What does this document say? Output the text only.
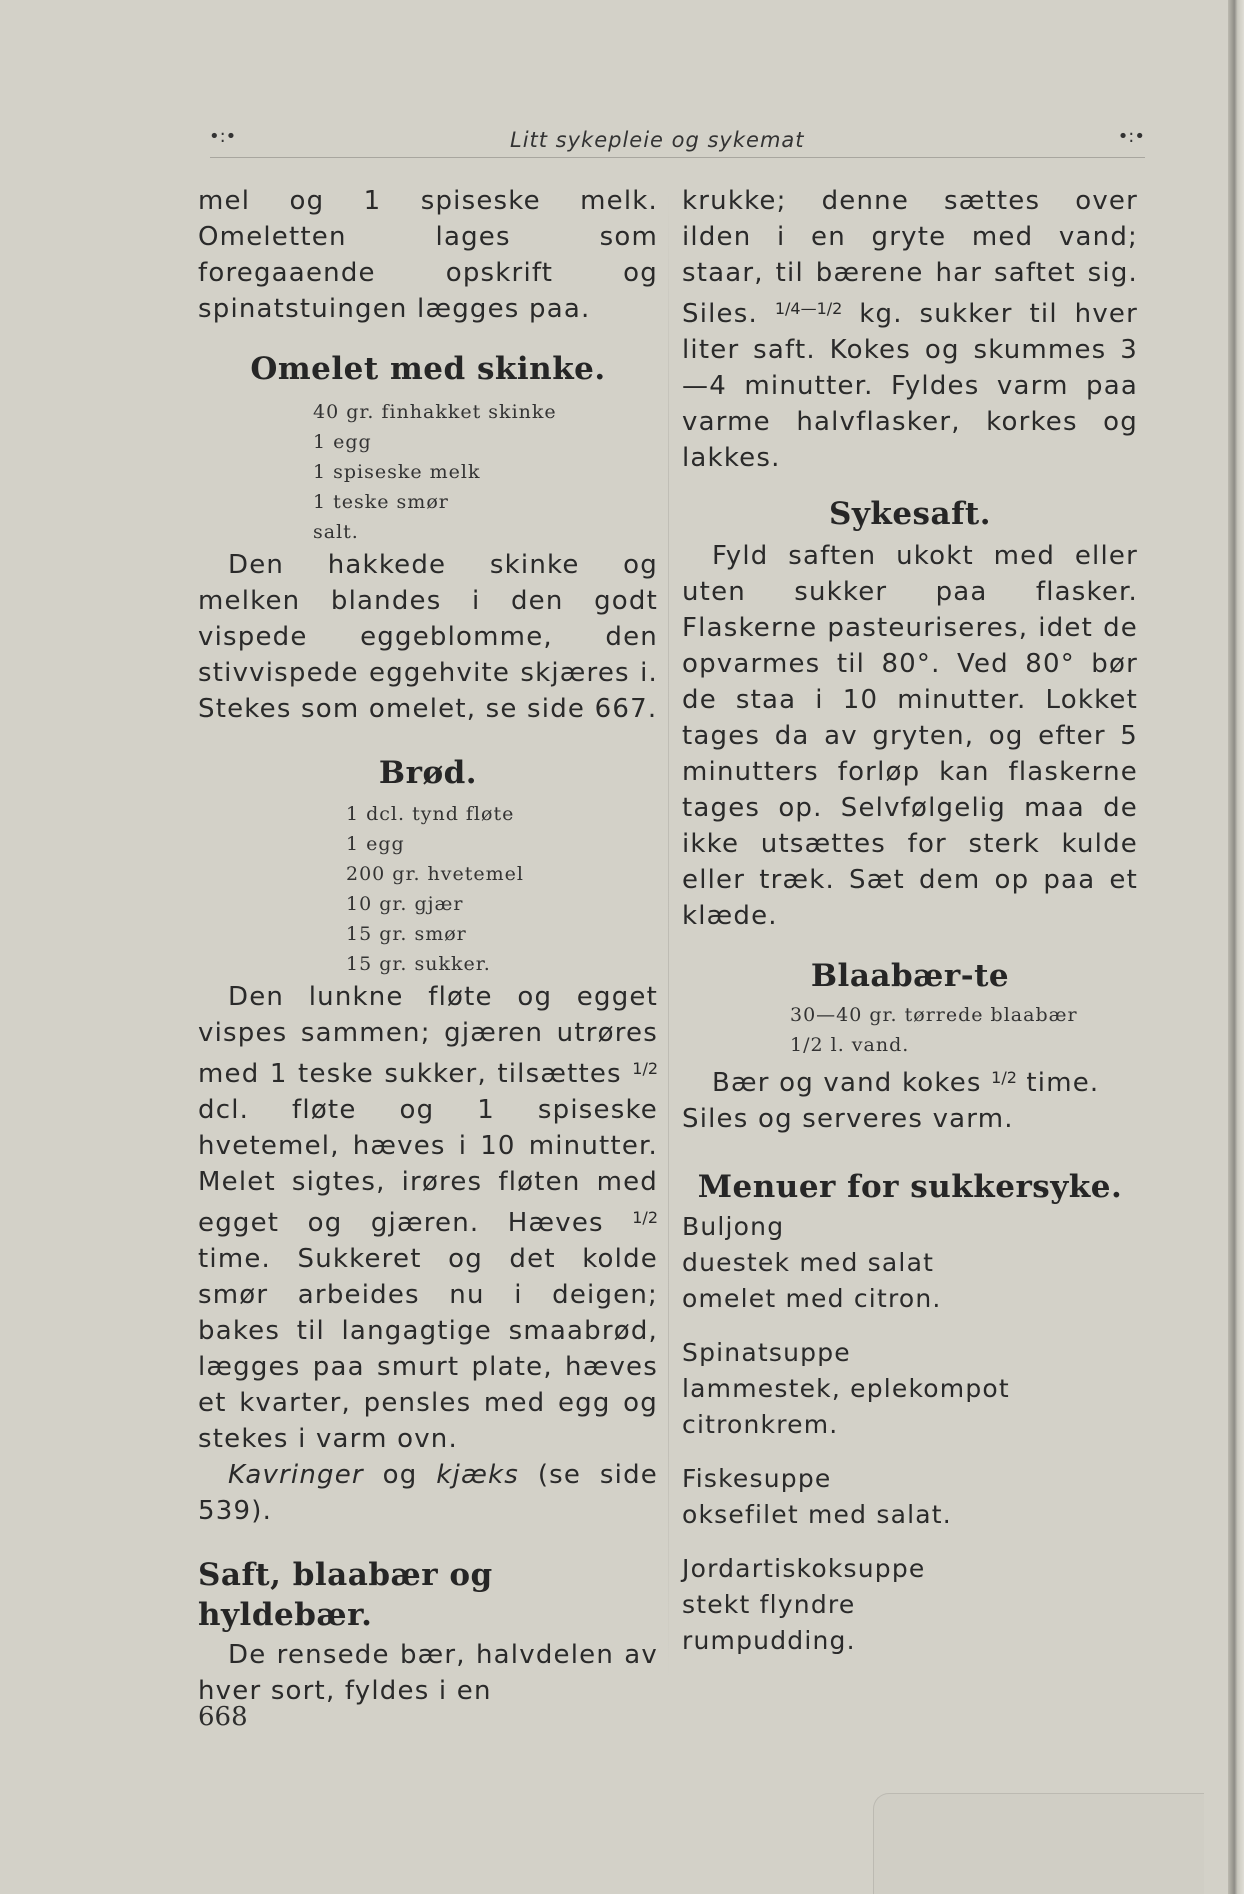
•:•	Litt sykepleie og sykemat	•:•

mel og 1 spiseske melk. Omeletten lages som foregaaende opskrift og spinatstuingen lægges paa.

Omelet med skinke.
40 gr. finhakket skinke
1 egg
1 spiseske melk
1 teske smør
salt.

Den hakkede skinke og melken blandes i den godt vispede eggeblomme, den stivvispede eggehvite skjæres i. Stekes som omelet, se side 667.

Brød.
1 dcl. tynd fløte
1 egg
200 gr. hvetemel
10 gr. gjær
15 gr. smør
15 gr. sukker.

Den lunkne fløte og egget vispes sammen; gjæren utrøres med 1 teske sukker, tilsættes $^{1/2}$ dcl. fløte og 1 spiseske hvetemel, hæves i 10 minutter. Melet sigtes, irøres fløten med egget og gjæren. Hæves $^{1/2}$ time. Sukkeret og det kolde smør arbeides nu i deigen; bakes til langagtige smaabrød, lægges paa smurt plate, hæves et kvarter, pensles med egg og stekes i varm ovn.

Kavringer og kjæks (se side 539).

Saft, blaabær og hyldebær.

De rensede bær, halvdelen av hver sort, fyldes i en

krukke; denne sættes over ilden i en gryte med vand; staar, til bærene har saftet sig. Siles. $^{1/4—1/2}$ kg. sukker til hver liter saft. Kokes og skummes 3—4 minutter. Fyldes varm paa varme halvflasker, korkes og lakkes.

Sykesaft.

Fyld saften ukokt med eller uten sukker paa flasker. Flaskerne pasteuriseres, idet de opvarmes til 80°. Ved 80° bør de staa i 10 minutter. Lokket tages da av gryten, og efter 5 minutters forløp kan flaskerne tages op. Selvfølgelig maa de ikke utsættes for sterk kulde eller træk. Sæt dem op paa et klæde.

Blaabær-te
30—40 gr. tørrede blaabær
1/2 l. vand.

Bær og vand kokes $^{1/2}$ time. Siles og serveres varm.

Menuer for sukkersyke.

Buljong

duestek med salat

omelet med citron.

Spinatsuppe

lammestek, eplekompot

citronkrem.

Fiskesuppe

oksefilet med salat.

Jordartiskoksuppe

stekt flyndre

rumpudding.

668
